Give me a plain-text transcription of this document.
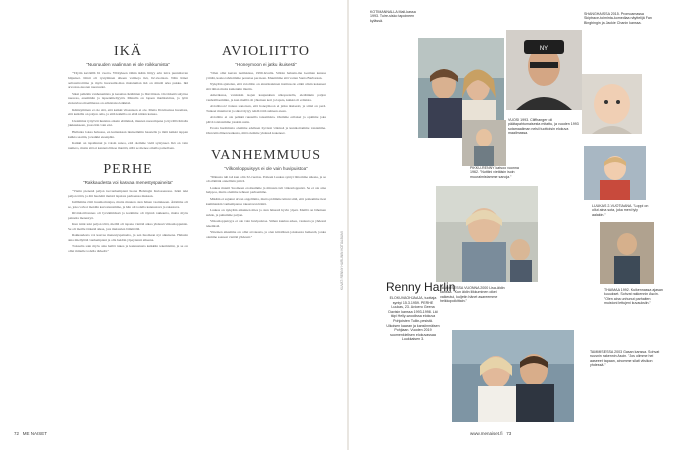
IKÄ
”Nuoruuden vaalinnan ei ole roikkumista”

”Täytin keväällä 61 vuotta. Yllätyksen tähän ikään liittyy erin laiva punnittavan hiipuiset. Iäinti oli rystyminen alkaen vaimoja ikä, 62-vuotiaan. Näin hänet aaltoteitroittina ja myös huoruami-maa muistuman ikä on mindä arka pukka. Ikä arvostaa-nuoren nuoruudet.

Sikai pelkään vanhenemista ja kesuttaa ikäämien ja Iltaviittaan. On tärkeää salyttaa nuoresa, enemmän ja lapsenmieliyyttä. Minulla on lapsen mielikuvitus, ja tytär elokuvissa maailmassa on erikistaisa leikkisä.

Ikääntyminen ei ole sitä, että kaikki viisauteen ei ole. Mutta Iltaviisaissa huomata, että kaikilla on paljon oma, ja siitä kaikilla on elää niiden kanssa.

Uusimmat tyttyivät ikuisina oikein elämässä, muuten nuorempana ja hyvällä ilmalla jakkaukseen, jossa hän vain etsi.

Hullunta lokaa halsassa, en kuitenkaan ikuisemmin haastella ja mitä kaikki tappan kulkia saatiin, ja kaikki eteenpäin.

Kaikki on tapahtunut ja voisin sanoa, että olemme vielä syntyneet. Ikä on vain numero, mutta sitä ei kannata liikaa miettiä, sillä se menee omalla painollaan.

PERHE
”Rakkaudesta voi kasvaa menestyspaineita”

”Vietin pienenä paljon isovanhempieni luona Helsingin Kulosaaressa. Isäni teki paljon töitä, ja äiti huolehti meistä lapsista parhaansa mukaan.

Isällämme riitti huumorintajua, mutta muuten olen hänen vaatiakseen. Äitimme oli se, joka valvoi meidän kasvatustamme, ja hän oli todella kannustava ja rakastava.

Rivitalotilvennes oli lyvsämmässä ja kotimme oli täynnä rakkautta, mutta myös paineita menestyä.

Kun isäni teki paljon töitä, meillä oli tapana viettää aikaa yhdessä viikonloppuisin. Se oli meille tärkeää aikaa, jota muistelen lämmöllä.

Rakkaudesta voi kasvaa menestyspaineita, ja sen huomaan nyt aikuisena. Halusin aina miellyttää vanhempiani ja olla heidän ylpeytensä aiheena.

Toisaalta sain myös aina heiltä tukea ja kannustusta kaikkiin tekemisiini, ja se on ollut minulle todella tärkeää.”

AVIOLIITTO
”Honeymoon ei jatku ikuisesti”

”Olen ollut kerran naimisissa, 1990-luvulla. Silloin halusin-me German kanssa yrittää, koska tahdoimme perustaa per-heen. Muutimme sitä varten Santa Barbaraan.

Nykyään ajattelen, että avioliitto on ainutlaatuinen instituu-tio eiikä olisin kokeneet sitä ilman mutta kuitenkin mietin.

Amerikassa, varsinkin isojen kaupunkien ulkopuolella, eletäänkin paljon vanhoillisemmin, ja kun meillä oli yhteinen koti ja lapsia, kaikki oli erilaista.

Aviolittoon! Joskus sanotaan, että honeymoon ei jatku ikuisesti, ja siinä on perä. Tunteet muuttuvat ja siksi täytyy tehdä töitä suhteen eteen.

Avioliitto ei ole pelkkä ruusuilla tanssimista. Olemme erilaiset ja opimme joka päivä toisistamme jotakin uutta.

Erosta huolimatta olemme edelleen hyvissä väleissä ja kunnioitamme toisiamme. Olen kiitollinen kaikesta, mitä olemme yhdessä kokeneet.

VANHEMMUUS
”Vilkonloppuisyys ei ole vain huvipuistoa”

”Minusta tuli isä kun olin 32-vuotias. Poikani Luukas syntyi liittomme aikana, ja se oli elämäni onnellisin päivä.

Luukas muutti Suomeen erottuamme ja minusta tuli viikonloppuisä. Se ei ole aina helppoa, mutta olemme tehneet parhaamme.

Mikään ei sujunut aivan ongelmitta, mutta pidimme kiinni siitä, että poikamme tiesi kummankin vanhempansa rakastavan häntä.

Luukas on nykyään aikuinen mies ja olen hänestä hyvin ylpeä. Meillä on läheinen suhde, ja puhumme paljon.

Viikonloppuisyys ei ole vain huvipuistoa. Siihen kuuluu arkea, vastuuta ja yhdessä tekemistä.

Yhteinen aikamme on ollut arvokasta, ja olen kiitollinen jokaisesta hetkestä, jonka olemme saaneet viettää yhdessä.”

72 ME NAISET
KUVAT: RENNY HARLININ KOTIALBUMI
KOTIMANNALLA Mali-kassa 1993. Tuire-siskо tapoineen kylässä.
NY
SHANGHAISSA 2015. Promoamassa Skiptrace-toiminta-komediaa näyttelijä Fan Bingbingin ja Jackie Chanin kanssa.
VUOSI 1993. Cliffhanger oli päätapahtumaisesta mitattu, ja vuoden 1993 sotamaailman nelsii tuottoisin elokuva maailmassa.
PIKKU-RENNY katsoo vuonna 1962. ”Nuttiini vietäisin isoin muuraimistamme sanoja.”
LUUKAS 2-VUOTIAANA. ”Loppi on ollut aina sota, joka meni tyly aalakin.”
TAMMISESSA VUONNA 2000 Lisa-äidin kanssa. ”Kun äidin liikkuminen oikei vaikeutui, kuljetin hänet asareemme heikkopoikittain.”
Renny Harlin
ELOKUVAOHJAAJA, tuottaja syntyi 15.3.1959. PERHE Luukas, 23. Avioero Geena Davisin kanssa 1993-1998. Läi täpi Helly-woodissa elokuva Pohjoisten Tuliin-pesistä. Ulkoisen kaaran ja kansiinmäisen Pohjiaan. Vuoden 2019 suomenkielisen elokuvassaa Luukkaisen 3.
THAIMAA 1992. Kuikennassa ajasan kuuukset. Sohvat rakkennin Ascin. ”Olen aina unhunut parhaiten muistoni lettujeni kuvauksiin.”
TAMMISESSA 2003 Gasan kanssa. Sohvat ruusnin rakennin Ascin. ”Jos olimme hei aaseeet tapaan, ainomme silati viisikon yhdessä.”
www.menaiset.fi 73
